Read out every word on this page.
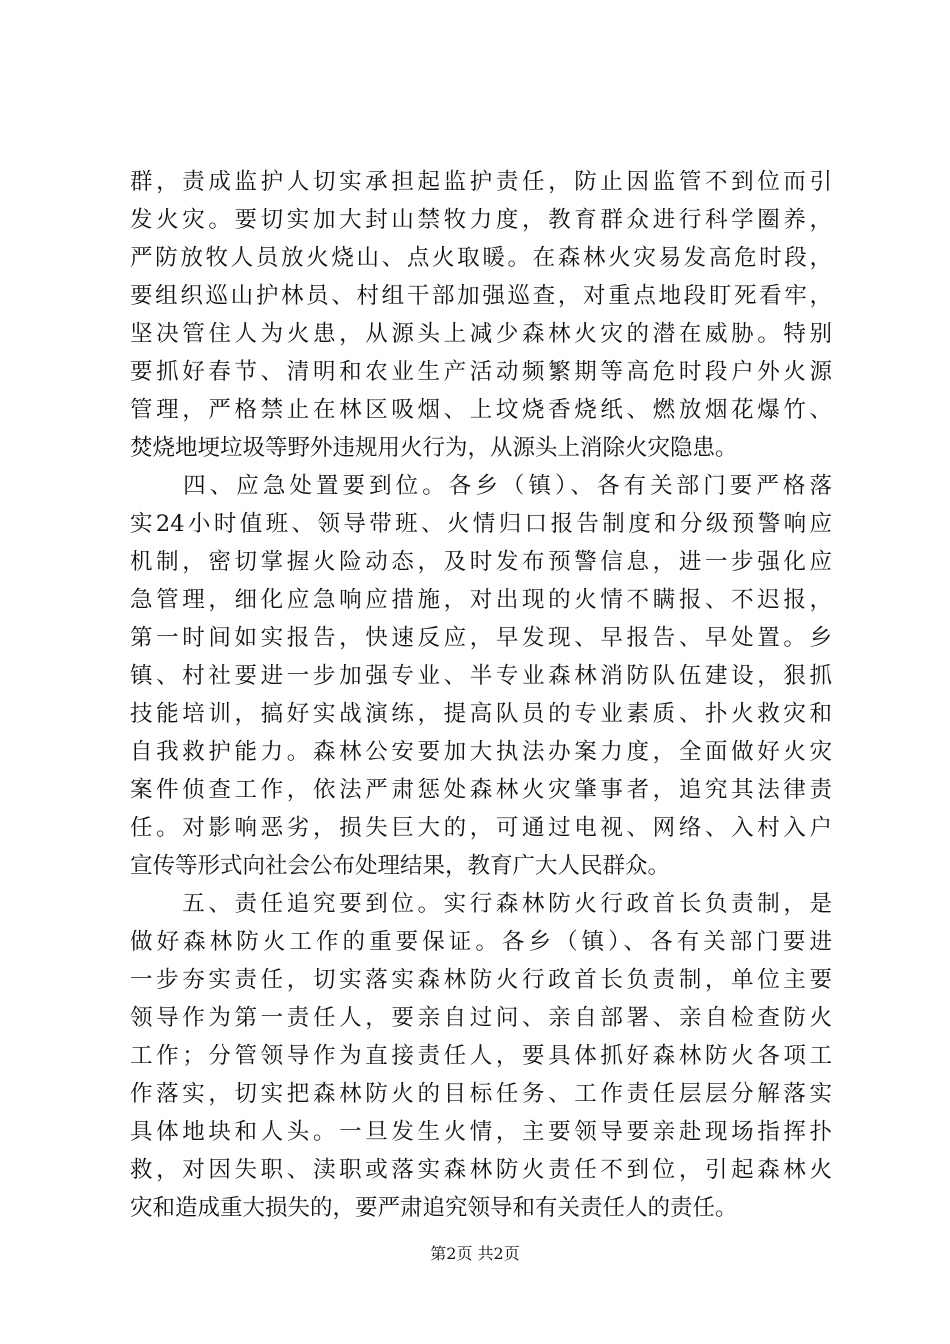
群，责成监护人切实承担起监护责任，防止因监管不到位而引
发火灾。要切实加大封山禁牧力度，教育群众进行科学圈养，
严防放牧人员放火烧山、点火取暖。在森林火灾易发高危时段，
要组织巡山护林员、村组干部加强巡查，对重点地段盯死看牢，
坚决管住人为火患，从源头上减少森林火灾的潜在威胁。特别
要抓好春节、清明和农业生产活动频繁期等高危时段户外火源
管理，严格禁止在林区吸烟、上坟烧香烧纸、燃放烟花爆竹、
焚烧地埂垃圾等野外违规用火行为，从源头上消除火灾隐患。
　　四、应急处置要到位。各乡（镇）、各有关部门要严格落
实24小时值班、领导带班、火情归口报告制度和分级预警响应
机制，密切掌握火险动态，及时发布预警信息，进一步强化应
急管理，细化应急响应措施，对出现的火情不瞒报、不迟报，
第一时间如实报告，快速反应，早发现、早报告、早处置。乡
镇、村社要进一步加强专业、半专业森林消防队伍建设，狠抓
技能培训，搞好实战演练，提高队员的专业素质、扑火救灾和
自我救护能力。森林公安要加大执法办案力度，全面做好火灾
案件侦查工作，依法严肃惩处森林火灾肇事者，追究其法律责
任。对影响恶劣，损失巨大的，可通过电视、网络、入村入户
宣传等形式向社会公布处理结果，教育广大人民群众。
　　五、责任追究要到位。实行森林防火行政首长负责制，是
做好森林防火工作的重要保证。各乡（镇）、各有关部门要进
一步夯实责任，切实落实森林防火行政首长负责制，单位主要
领导作为第一责任人，要亲自过问、亲自部署、亲自检查防火
工作；分管领导作为直接责任人，要具体抓好森林防火各项工
作落实，切实把森林防火的目标任务、工作责任层层分解落实
具体地块和人头。一旦发生火情，主要领导要亲赴现场指挥扑
救，对因失职、渎职或落实森林防火责任不到位，引起森林火
灾和造成重大损失的，要严肃追究领导和有关责任人的责任。
第2页 共2页
